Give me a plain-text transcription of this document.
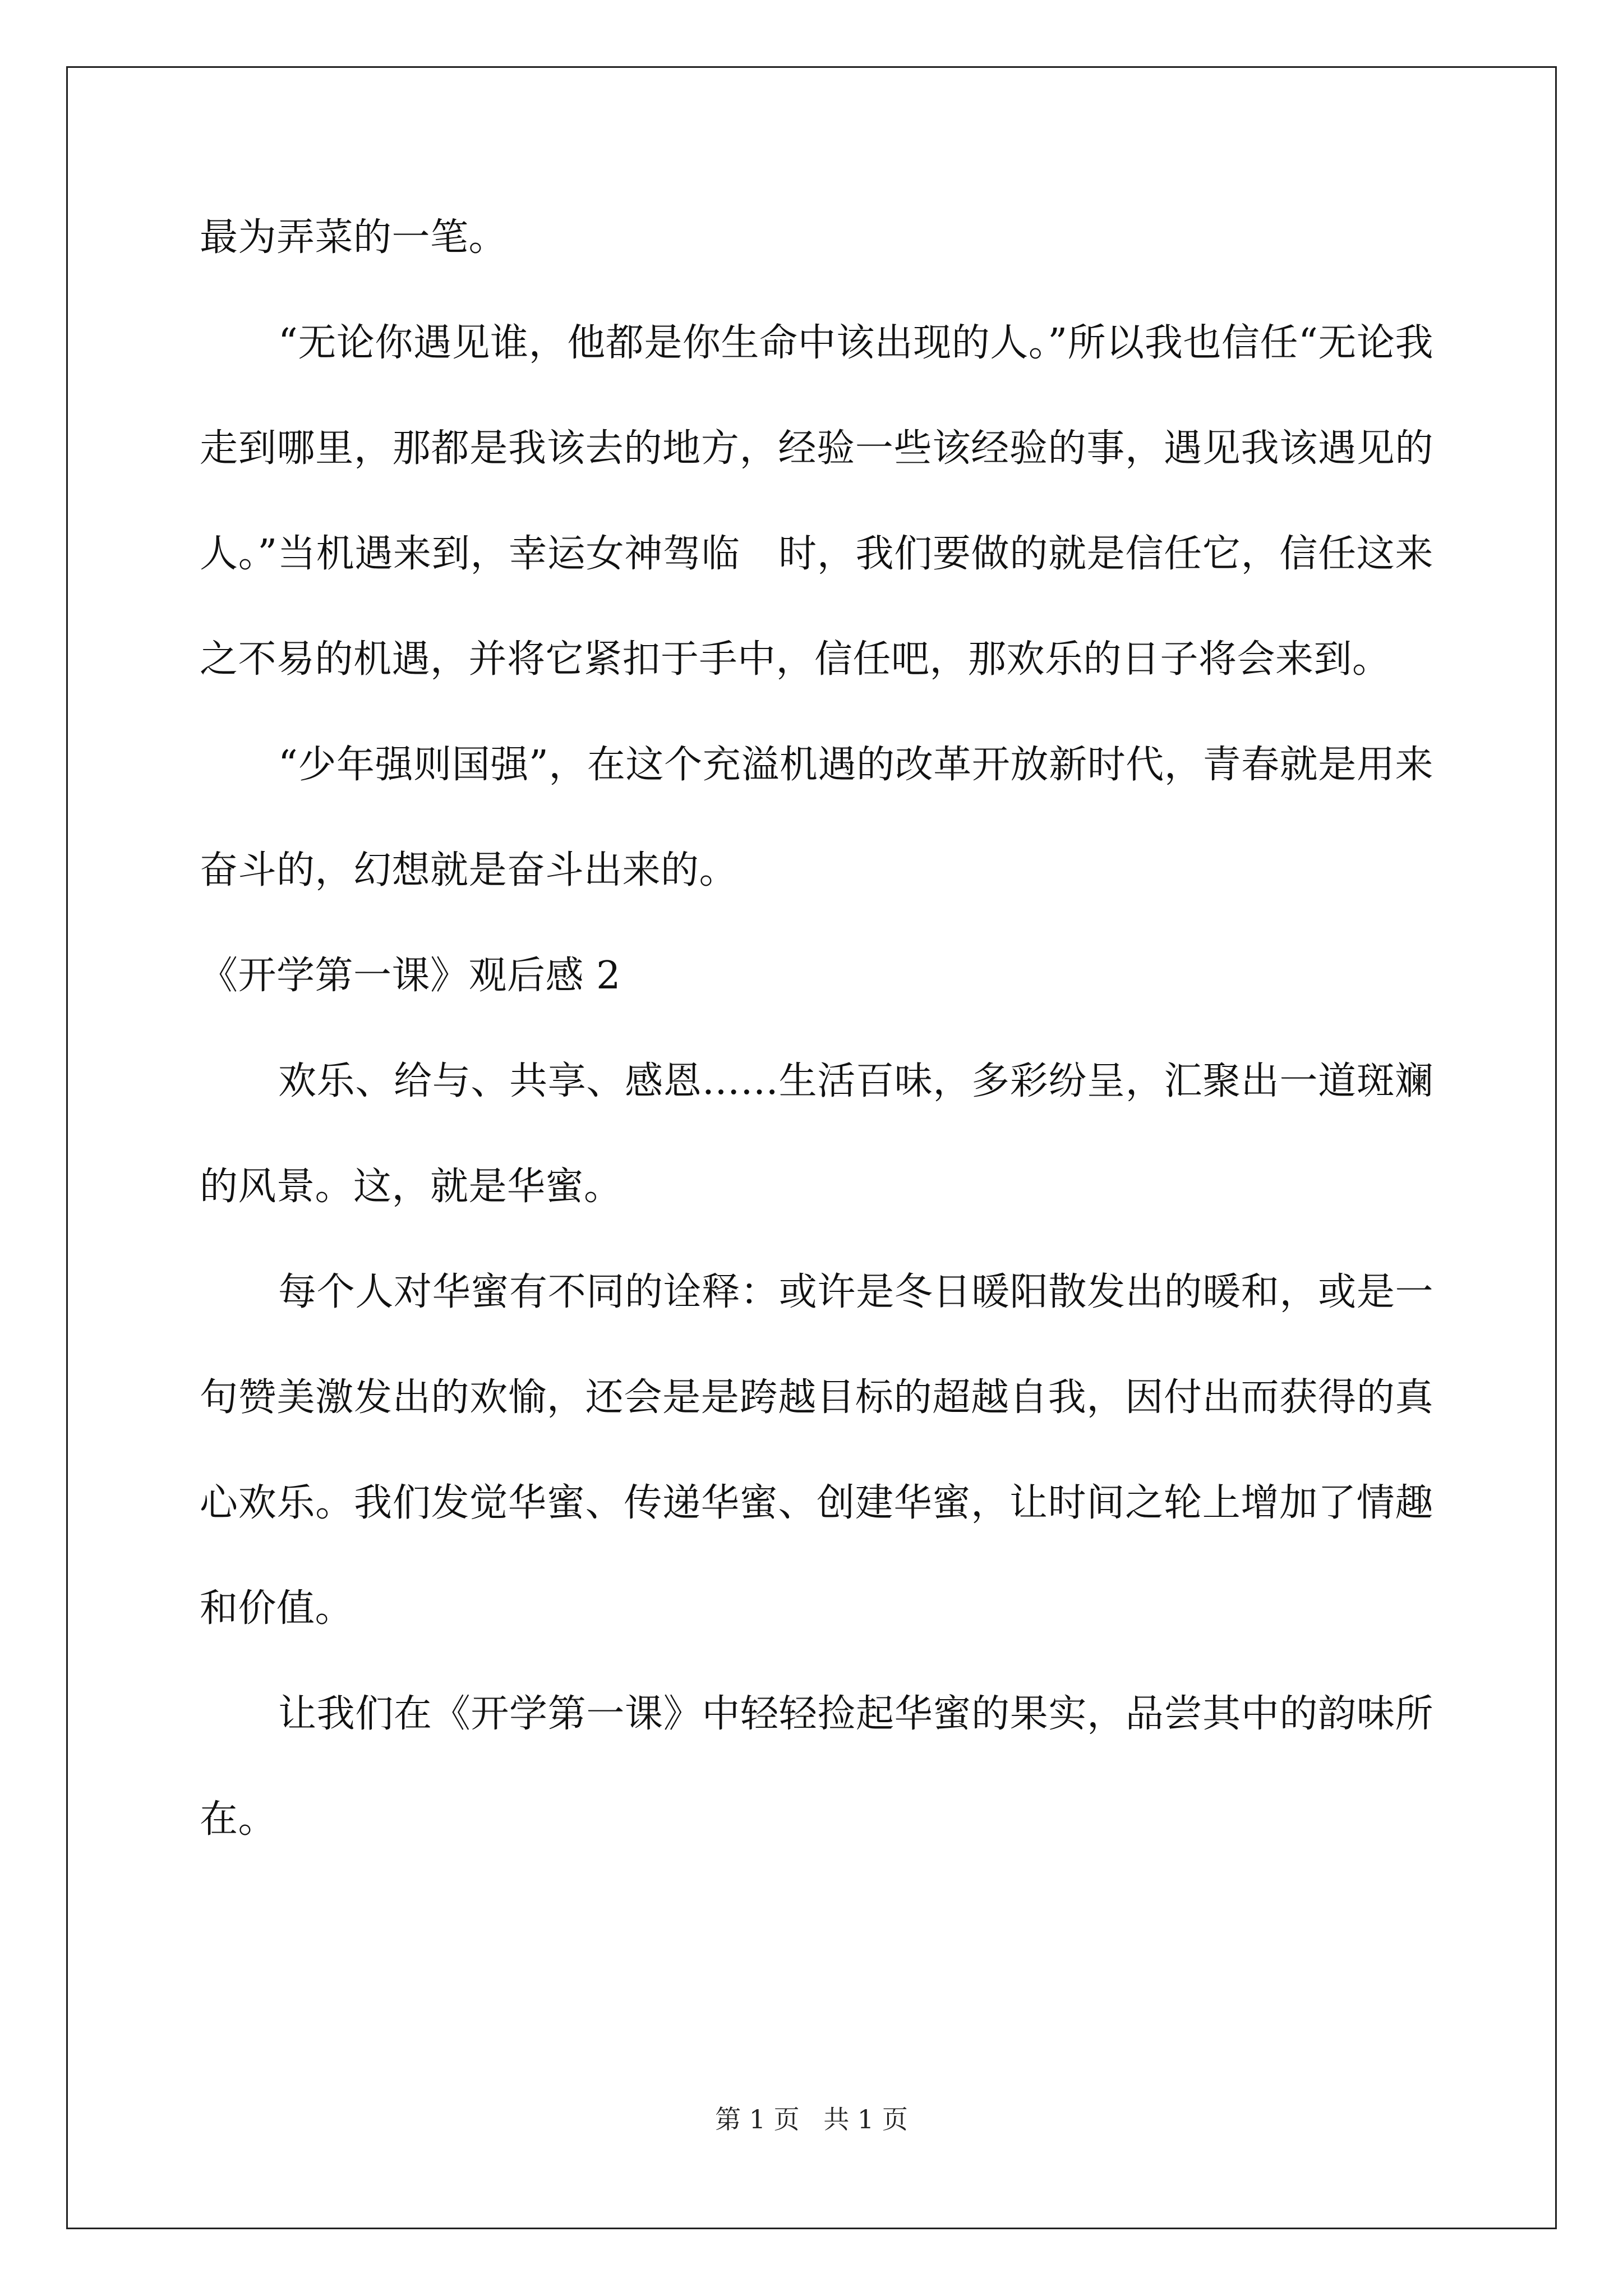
最为弄菜的一笔。

“无论你遇见谁，他都是你生命中该出现的人。”所以我也信任“无论我走到哪里，那都是我该去的地方，经验一些该经验的事，遇见我该遇见的人。”当机遇来到，幸运女神驾临　时，我们要做的就是信任它，信任这来之不易的机遇，并将它紧扣于手中，信任吧，那欢乐的日子将会来到。

“少年强则国强”，在这个充溢机遇的改革开放新时代，青春就是用来奋斗的，幻想就是奋斗出来的。

《开学第一课》观后感 2

欢乐、给与、共享、感恩……生活百味，多彩纷呈，汇聚出一道斑斓的风景。这，就是华蜜。

每个人对华蜜有不同的诠释：或许是冬日暖阳散发出的暖和，或是一句赞美激发出的欢愉，还会是是跨越目标的超越自我，因付出而获得的真心欢乐。我们发觉华蜜、传递华蜜、创建华蜜，让时间之轮上增加了情趣和价值。

让我们在《开学第一课》中轻轻捡起华蜜的果实，品尝其中的韵味所在。

第 1 页 共 1 页
